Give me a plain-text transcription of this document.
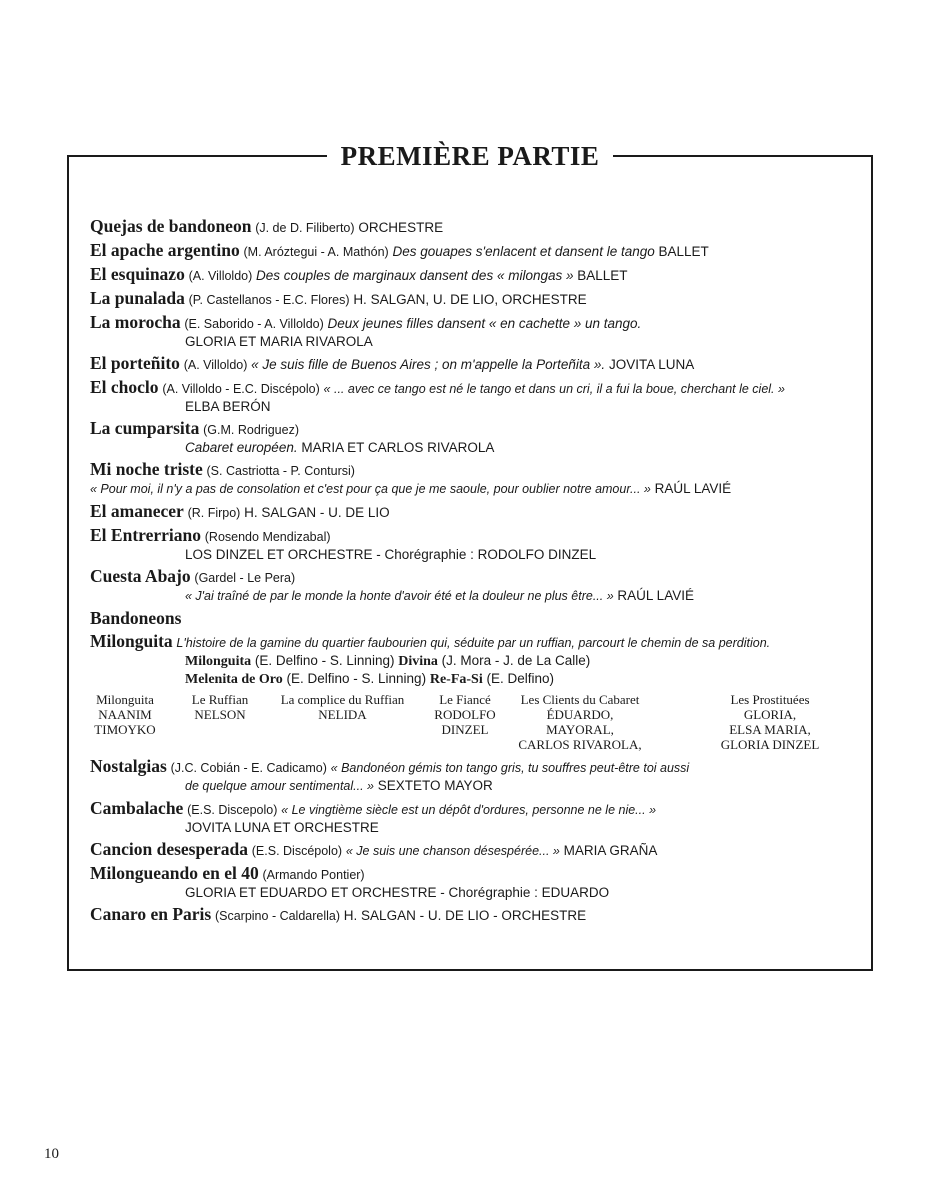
PREMIÈRE PARTIE
Quejas de bandoneon (J. de D. Filiberto) ORCHESTRE
El apache argentino (M. Aróztegui - A. Mathón) Des gouapes s'enlacent et dansent le tango BALLET
El esquinazo (A. Villoldo) Des couples de marginaux dansent des « milongas » BALLET
La punalada (P. Castellanos - E.C. Flores) H. SALGAN, U. DE LIO, ORCHESTRE
La morocha (E. Saborido - A. Villoldo) Deux jeunes filles dansent « en cachette » un tango.
GLORIA ET MARIA RIVAROLA
El porteñito (A. Villoldo) « Je suis fille de Buenos Aires ; on m'appelle la Porteñita ». JOVITA LUNA
El choclo (A. Villoldo - E.C. Discépolo) « ... avec ce tango est né le tango et dans un cri, il a fui la boue, cherchant le ciel. »
ELBA BERÓN
La cumparsita (G.M. Rodriguez)
Cabaret européen. MARIA ET CARLOS RIVAROLA
Mi noche triste (S. Castriotta - P. Contursi)
« Pour moi, il n'y a pas de consolation et c'est pour ça que je me saoule, pour oublier notre amour... » RAÚL LAVIÉ
El amanecer (R. Firpo) H. SALGAN - U. DE LIO
El Entrerriano (Rosendo Mendizabal)
LOS DINZEL ET ORCHESTRE - Chorégraphie : RODOLFO DINZEL
Cuesta Abajo (Gardel - Le Pera)
« J'ai traîné de par le monde la honte d'avoir été et la douleur ne plus être... » RAÚL LAVIÉ
Bandoneons
Milonguita L'histoire de la gamine du quartier faubourien qui, séduite par un ruffian, parcourt le chemin de sa perdition.
Milonguita (E. Delfino - S. Linning) Divina (J. Mora - J. de La Calle)
Melenita de Oro (E. Delfino - S. Linning) Re-Fa-Si (E. Delfino)
Milonguita
NAANIM
TIMOYKO
Le Ruffian
NELSON
La complice du Ruffian
NELIDA
Le Fiancé
RODOLFO
DINZEL
Les Clients du Cabaret
ÉDUARDO,
MAYORAL,
CARLOS RIVAROLA,
Les Prostituées
GLORIA,
ELSA MARIA,
GLORIA DINZEL
Nostalgias (J.C. Cobián - E. Cadicamo) « Bandonéon gémis ton tango gris, tu souffres peut-être toi aussi
de quelque amour sentimental... » SEXTETO MAYOR
Cambalache (E.S. Discepolo) « Le vingtième siècle est un dépôt d'ordures, personne ne le nie... »
JOVITA LUNA ET ORCHESTRE
Cancion desesperada (E.S. Discépolo) « Je suis une chanson désespérée... » MARIA GRAÑA
Milongueando en el 40 (Armando Pontier)
GLORIA ET EDUARDO ET ORCHESTRE - Chorégraphie : EDUARDO
Canaro en Paris (Scarpino - Caldarella) H. SALGAN - U. DE LIO - ORCHESTRE
10
